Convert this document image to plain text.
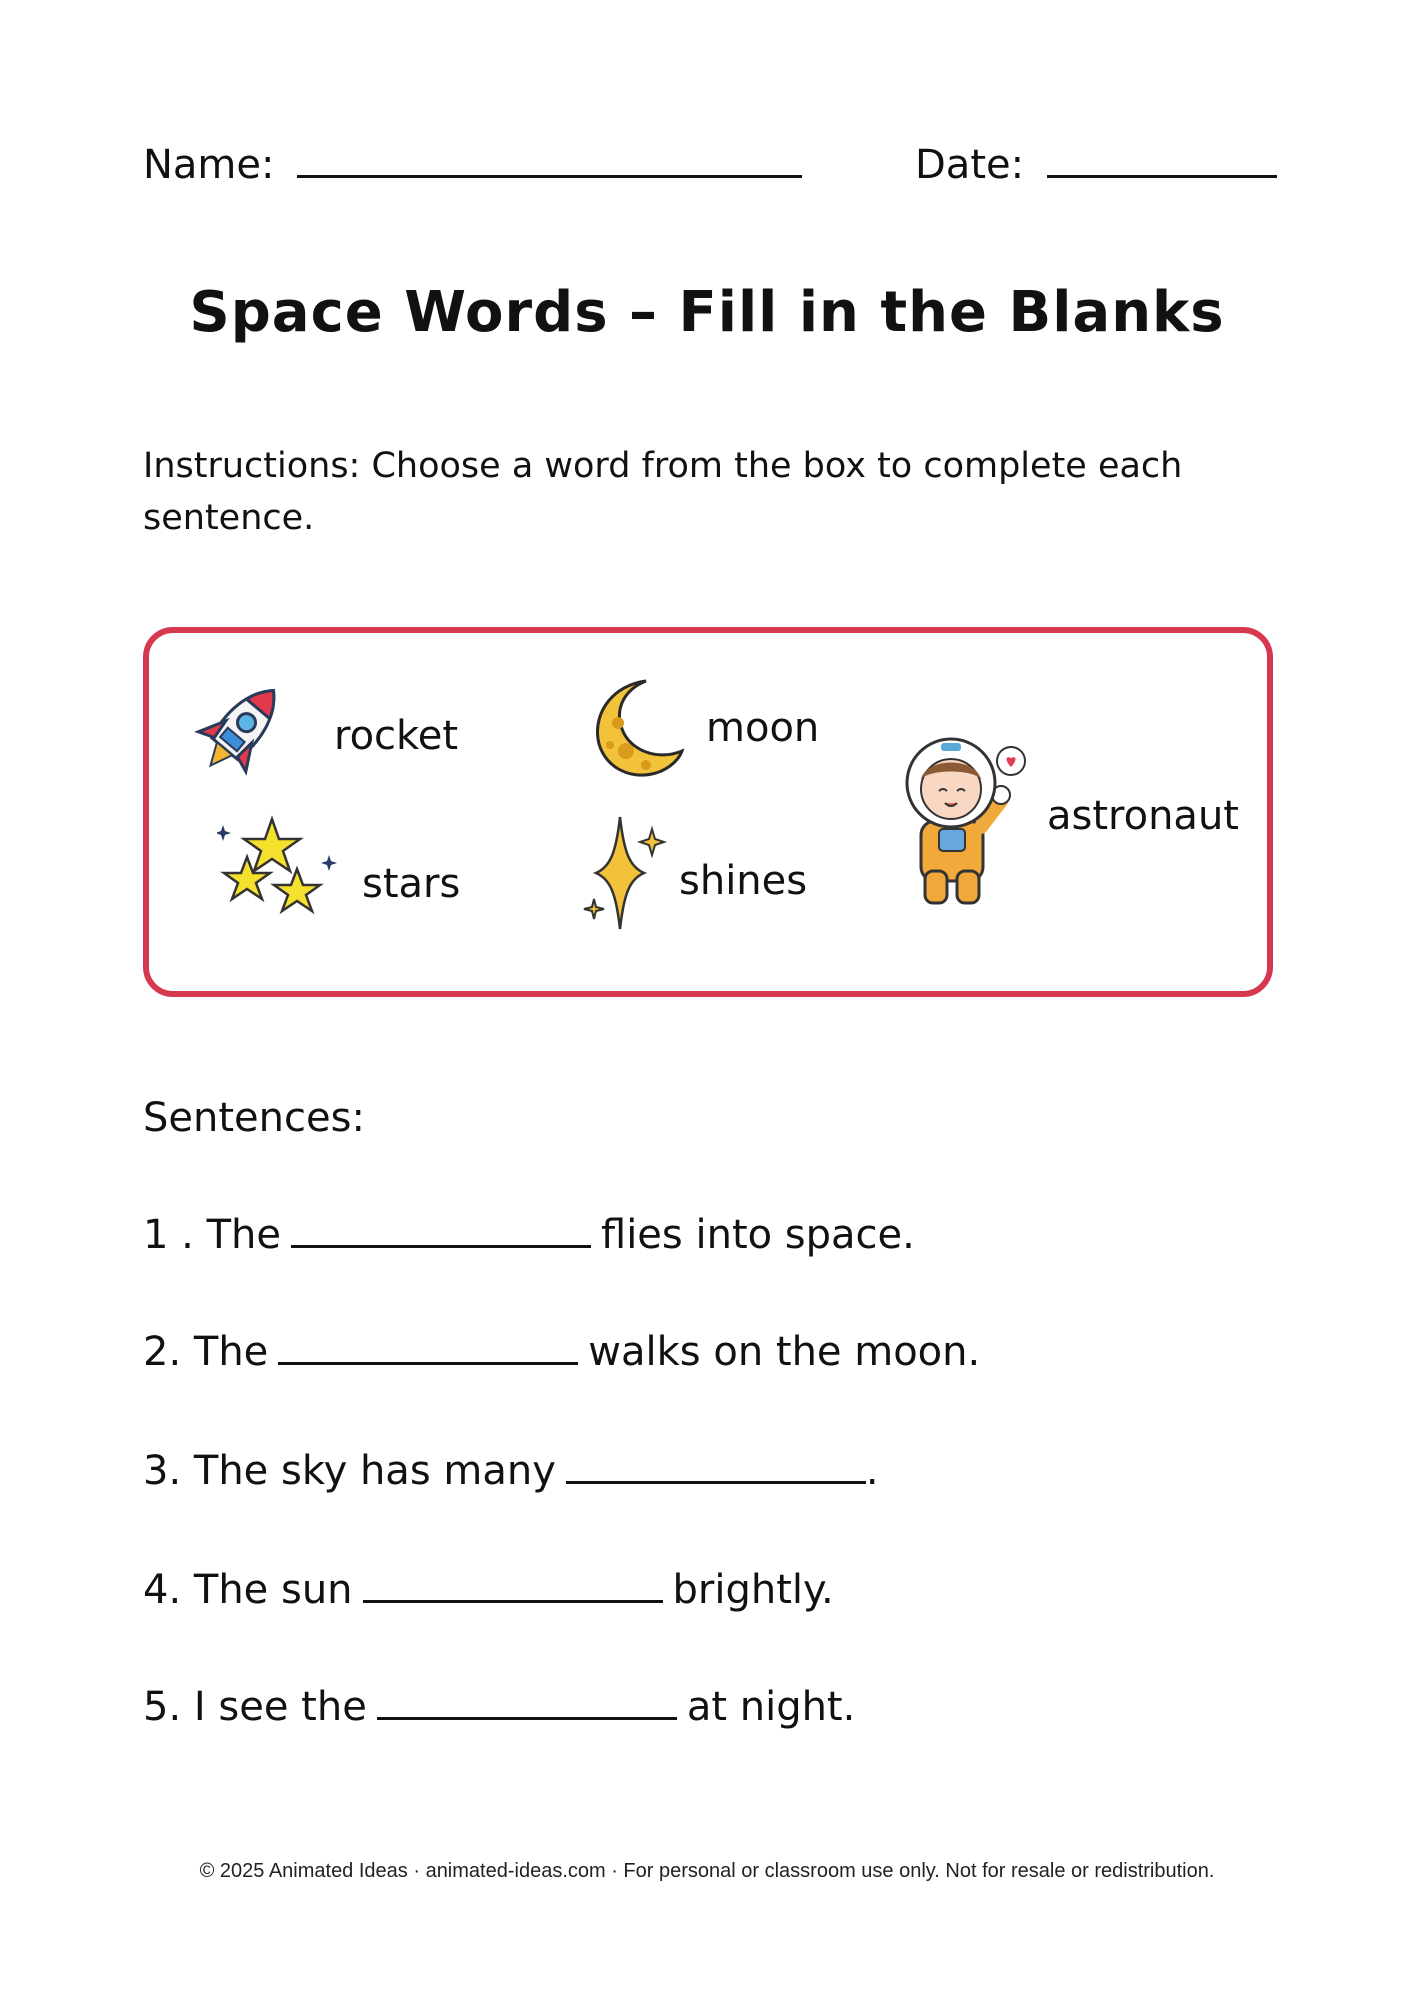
Name:	Date:
Space Words – Fill in the Blanks
Instructions: Choose a word from the box to complete each sentence.
rocket	moon
astronaut
stars	shines
Sentences:
1 . The	flies into space.
2. The	walks on the moon.
3. The sky has many	.
4. The sun	brightly.
5. I see the	at night.
© 2025 Animated Ideas · animated-ideas.com · For personal or classroom use only. Not for resale or redistribution.
